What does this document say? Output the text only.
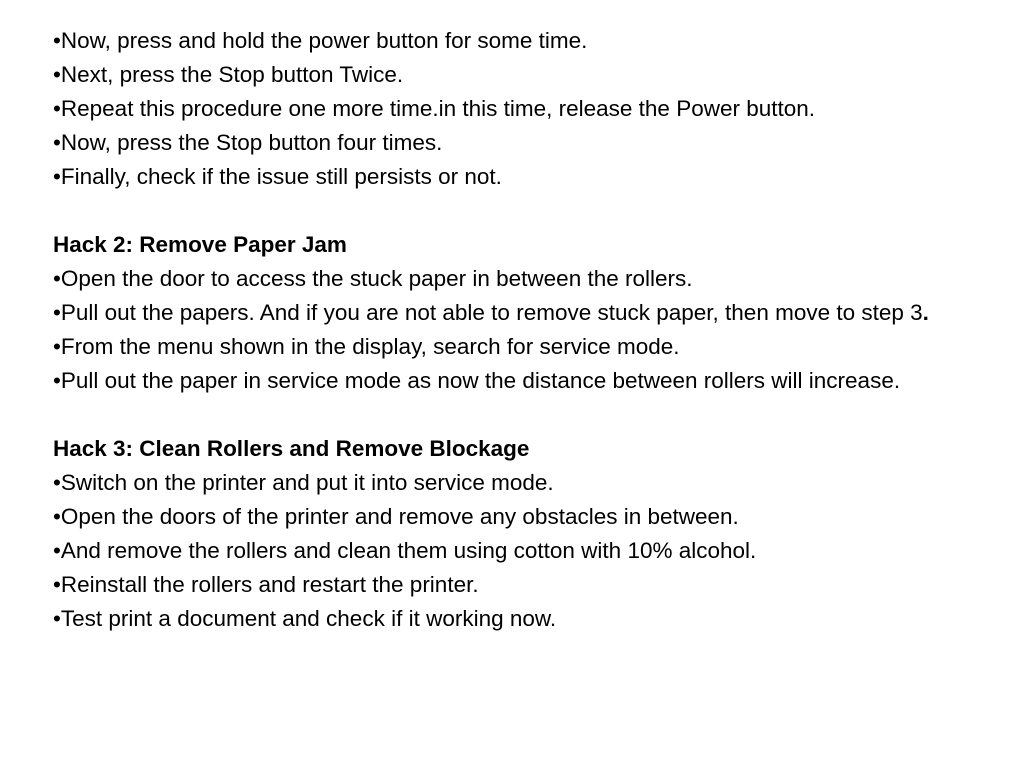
• Now, press and hold the power button for some time.

• Next, press the Stop button Twice.

• Repeat this procedure one more time.in this time, release the Power button.

• Now, press the Stop button four times.

• Finally, check if the issue still persists or not.

Hack 2: Remove Paper Jam

• Open the door to access the stuck paper in between the rollers.

• Pull out the papers. And if you are not able to remove stuck paper, then move to step 3.

• From the menu shown in the display, search for service mode.

• Pull out the paper in service mode as now the distance between rollers will increase.

Hack 3: Clean Rollers and Remove Blockage

• Switch on the printer and put it into service mode.

• Open the doors of the printer and remove any obstacles in between.

• And remove the rollers and clean them using cotton with 10% alcohol.

• Reinstall the rollers and restart the printer.

• Test print a document and check if it working now.
